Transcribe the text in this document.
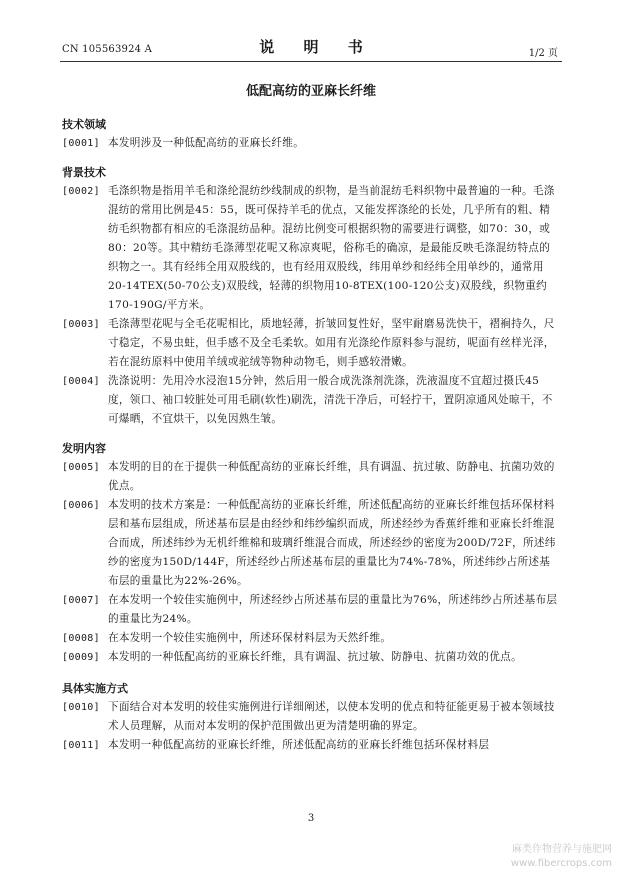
CN 105563924 A	说 明 书	1/2 页
低配高纺的亚麻长纤维
技术领域
[0001] 本发明涉及一种低配高纺的亚麻长纤维。
背景技术
[0002] 毛涤织物是指用羊毛和涤纶混纺纱线制成的织物，是当前混纺毛料织物中最普遍的一种。毛涤混纺的常用比例是45：55，既可保持羊毛的优点，又能发挥涤纶的长处，几乎所有的粗、精纺毛织物都有相应的毛涤混纺品种。混纺比例变可根据织物的需要进行调整，如70：30，或80：20等。其中精纺毛涤薄型花呢又称凉爽呢，俗称毛的确凉，是最能反映毛涤混纺特点的织物之一。其有经纬全用双股线的，也有经用双股线，纬用单纱和经纬全用单纱的，通常用20-14TEX(50-70公支)双股线，轻薄的织物用10-8TEX(100-120公支)双股线，织物重约170-190G/平方米。
[0003] 毛涤薄型花呢与全毛花呢相比，质地轻薄，折皱回复性好，坚牢耐磨易洗快干，褶裥持久，尺寸稳定，不易虫蛀，但手感不及全毛柔软。如用有光涤纶作原料参与混纺，呢面有丝样光泽，若在混纺原料中使用羊绒或驼绒等物种动物毛，则手感较滑嫩。
[0004] 洗涤说明：先用冷水浸泡15分钟，然后用一般合成洗涤剂洗涤，洗液温度不宜超过摄氏45度，领口、袖口较脏处可用毛刷(软性)刷洗，清洗干净后，可轻拧干，置阴凉通风处晾干，不可爆晒，不宜烘干，以免因熟生皱。
发明内容
[0005] 本发明的目的在于提供一种低配高纺的亚麻长纤维，具有调温、抗过敏、防静电、抗菌功效的优点。
[0006] 本发明的技术方案是：一种低配高纺的亚麻长纤维，所述低配高纺的亚麻长纤维包括环保材料层和基布层组成，所述基布层是由经纱和纬纱编织而成，所述经纱为香蕉纤维和亚麻长纤维混合而成，所述纬纱为无机纤维棉和玻璃纤维混合而成，所述经纱的密度为200D/72F，所述纬纱的密度为150D/144F，所述经纱占所述基布层的重量比为74%-78%，所述纬纱占所述基布层的重量比为22%-26%。
[0007] 在本发明一个较佳实施例中，所述经纱占所述基布层的重量比为76%，所述纬纱占所述基布层的重量比为24%。
[0008] 在本发明一个较佳实施例中，所述环保材料层为天然纤维。
[0009] 本发明的一种低配高纺的亚麻长纤维，具有调温、抗过敏、防静电、抗菌功效的优点。
具体实施方式
[0010] 下面结合对本发明的较佳实施例进行详细阐述，以使本发明的优点和特征能更易于被本领域技术人员理解，从而对本发明的保护范围做出更为清楚明确的界定。
[0011] 本发明一种低配高纺的亚麻长纤维，所述低配高纺的亚麻长纤维包括环保材料层
3
麻类作物营养与施肥网
www.fibercrops.com
